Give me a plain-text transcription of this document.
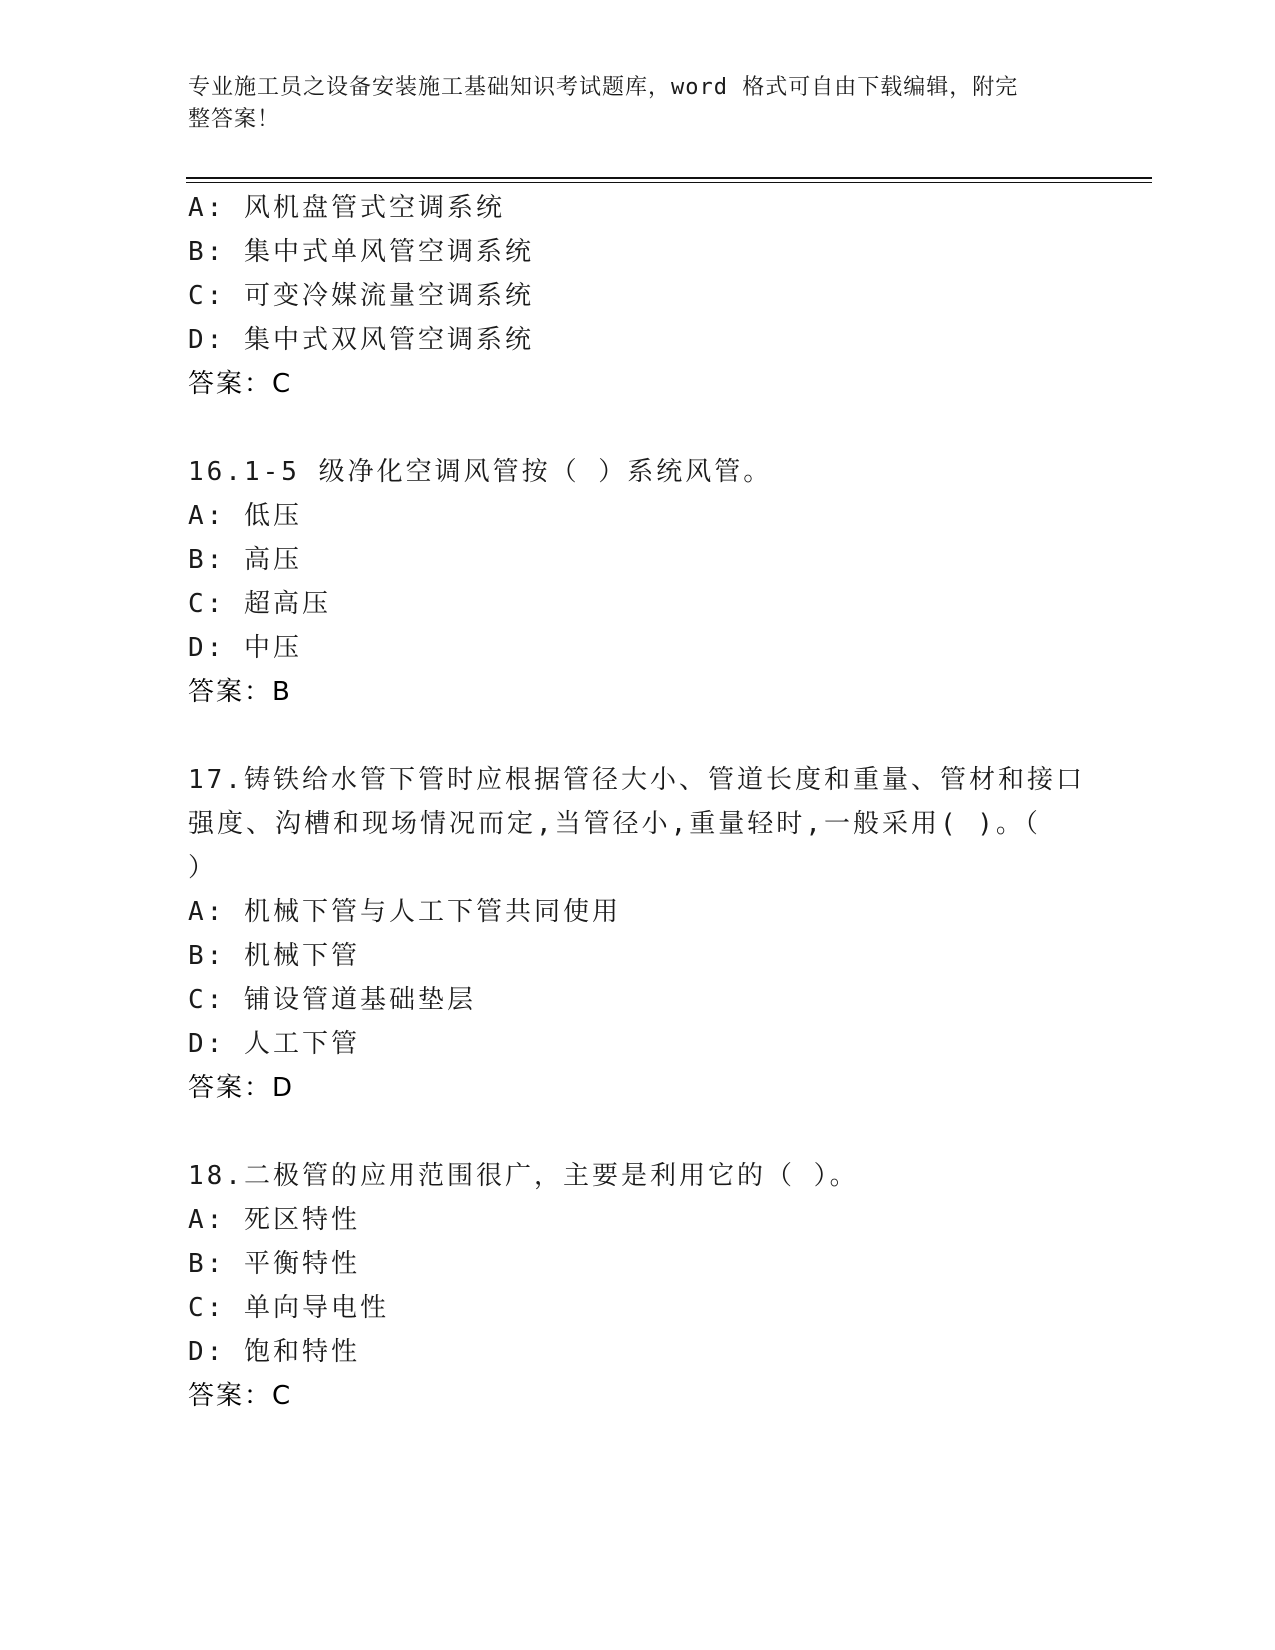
专业施工员之设备安装施工基础知识考试题库，word 格式可自由下载编辑，附完
整答案！
A: 风机盘管式空调系统
B: 集中式单风管空调系统
C: 可变冷媒流量空调系统
D: 集中式双风管空调系统
答案：C
16.1-5 级净化空调风管按（ ）系统风管。
A: 低压
B: 高压
C: 超高压
D: 中压
答案：B
17.铸铁给水管下管时应根据管径大小、管道长度和重量、管材和接口
强度、沟槽和现场情况而定,当管径小,重量轻时,一般采用( )。（
）
A: 机械下管与人工下管共同使用
B: 机械下管
C: 铺设管道基础垫层
D: 人工下管
答案：D
18.二极管的应用范围很广，主要是利用它的（ ）。
A: 死区特性
B: 平衡特性
C: 单向导电性
D: 饱和特性
答案：C
